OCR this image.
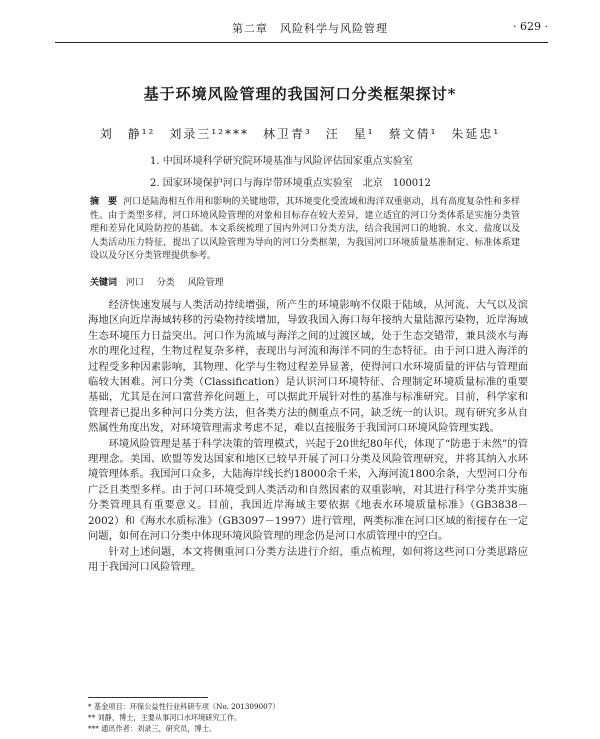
第二章　风险科学与风险管理	· 629 ·
基于环境风险管理的我国河口分类框架探讨*
刘　静¹²　刘录三¹²***　林卫青³　汪　星¹　蔡文倩¹　朱延忠¹
1. 中国环境科学研究院环境基准与风险评估国家重点实验室
2. 国家环境保护河口与海岸带环境重点实验室　北京　100012
摘　要 河口是陆海相互作用和影响的关键地带，其环境变化受流域和海洋双重驱动，具有高度复杂性和多样性。由于类型多样，河口环境风险管理的对象和目标存在较大差异，建立适宜的河口分类体系是实施分类管理和差异化风险防控的基础。本文系统梳理了国内外河口分类方法，结合我国河口的地貌、水文、盐度以及人类活动压力特征，提出了以风险管理为导向的河口分类框架，为我国河口环境质量基准制定、标准体系建设以及分区分类管理提供参考。
关键词 河口 分类 风险管理

经济快速发展与人类活动持续增强，所产生的环境影响不仅限于陆域，从河流、大气以及滨海地区向近岸海域转移的污染物持续增加，导致我国入海口每年接纳大量陆源污染物，近岸海域生态环境压力日益突出。河口作为流域与海洋之间的过渡区域，处于生态交错带，兼具淡水与海水的理化过程，生物过程复杂多样，表现出与河流和海洋不同的生态特征。由于河口进入海洋的过程受多种因素影响，其物理、化学与生物过程差异显著，使得河口水环境质量的评估与管理面临较大困难。河口分类（Classification）是认识河口环境特征、合理制定环境质量标准的重要基础，尤其是在河口富营养化问题上，可以据此开展针对性的基准与标准研究。目前，科学家和管理者已提出多种河口分类方法，但各类方法的侧重点不同，缺乏统一的认识。现有研究多从自然属性角度出发，对环境管理需求考虑不足，难以直接服务于我国河口环境风险管理实践。

环境风险管理是基于科学决策的管理模式，兴起于20世纪80年代，体现了“防患于未然”的管理理念。美国、欧盟等发达国家和地区已较早开展了河口分类及风险管理研究，并将其纳入水环境管理体系。我国河口众多，大陆海岸线长约18000余千米，入海河流1800余条，大型河口分布广泛且类型多样。由于河口环境受到人类活动和自然因素的双重影响，对其进行科学分类并实施分类管理具有重要意义。目前，我国近岸海域主要依据《地表水环境质量标准》（GB3838－2002）和《海水水质标准》（GB3097－1997）进行管理，两类标准在河口区域的衔接存在一定问题，如何在河口分类中体现环境风险管理的理念仍是河口水质管理中的空白。

针对上述问题，本文将侧重河口分类方法进行介绍，重点梳理，如何将这些河口分类思路应用于我国河口风险管理。

* 基金项目：环保公益性行业科研专项（No. 201309007）
** 刘静，博士，主要从事河口水环境研究工作。
*** 通讯作者：刘录三，研究员，博士。
